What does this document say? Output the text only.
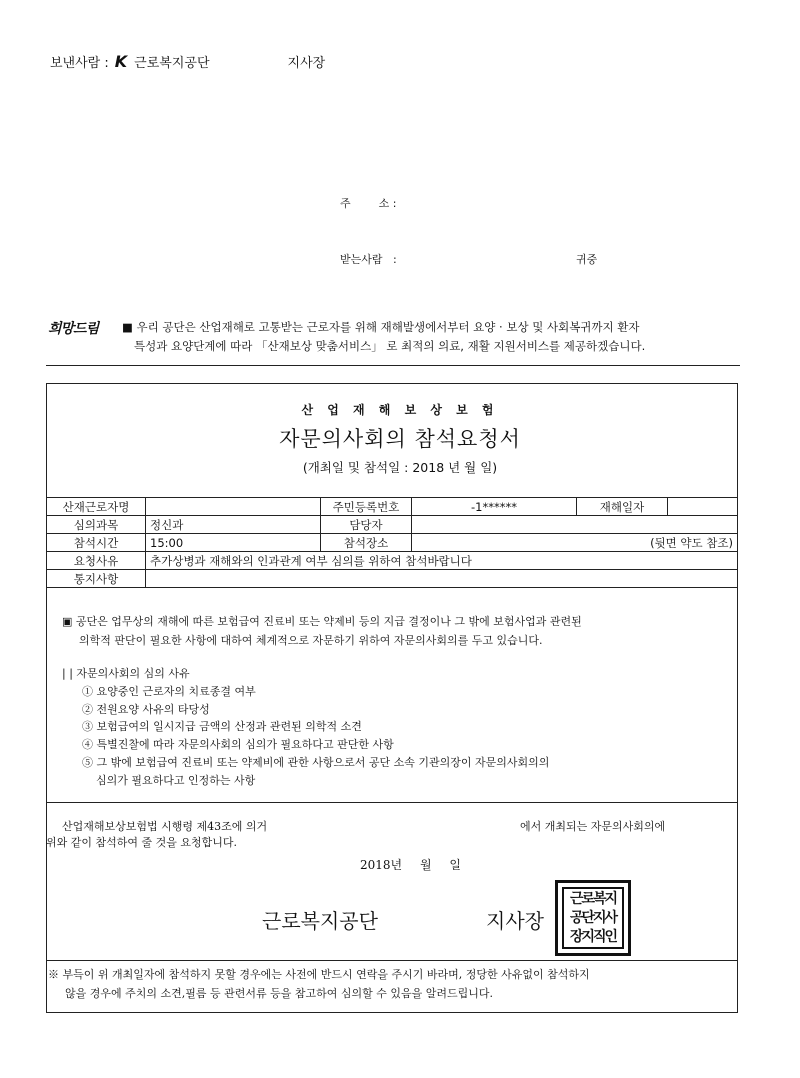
보낸사람 : K 근로복지공단	지사장
주        소 :
받는사람   :	귀중
희망드림 ■ 우리 공단은 산업재해로 고통받는 근로자를 위해 재해발생에서부터 요양 · 보상 및 사회복귀까지 환자
특성과 요양단계에 따라 「산재보상 맞춤서비스」 로 최적의 의료, 재활 지원서비스를 제공하겠습니다.
산 업 재 해 보 상 보 험
자문의사회의 참석요청서
(개최일 및 참석일 : 2018 년 월 일)
산재근로자명		주민등록번호	-1******	재해일자	
심의과목	정신과	담당자			
참석시간	15:00	참석장소	(뒷면 약도 참조)		
요청사유	추가상병과 재해와의 인과관계 여부 심의를 위하여 참석바랍니다				
통지사항					
▣ 공단은 업무상의 재해에 따른 보험급여 진료비 또는 약제비 등의 지급 결정이나 그 밖에 보험사업과 관련된
의학적 판단이 필요한 사항에 대하여 체계적으로 자문하기 위하여 자문의사회의를 두고 있습니다.
| | 자문의사회의 심의 사유
① 요양중인 근로자의 치료종결 여부
② 전원요양 사유의 타당성
③ 보험급여의 일시지급 금액의 산정과 관련된 의학적 소견
④ 특별진찰에 따라 자문의사회의 심의가 필요하다고 판단한 사항
⑤ 그 밖에 보험급여 진료비 또는 약제비에 관한 사항으로서 공단 소속 기관의장이 자문의사회의의
심의가 필요하다고 인정하는 사항
산업재해보상보험법 시행령 제43조에 의거	에서 개최되는 자문의사회의에
위와 같이 참석하여 줄 것을 요청합니다.
2018년 월 일
근로복지공단	지사장
근로복지
공단지사
장지직인
※ 부득이 위 개최일자에 참석하지 못할 경우에는 사전에 반드시 연락을 주시기 바라며, 정당한 사유없이 참석하지
않을 경우에 주치의 소견,필름 등 관련서류 등을 참고하여 심의할 수 있음을 알려드립니다.
